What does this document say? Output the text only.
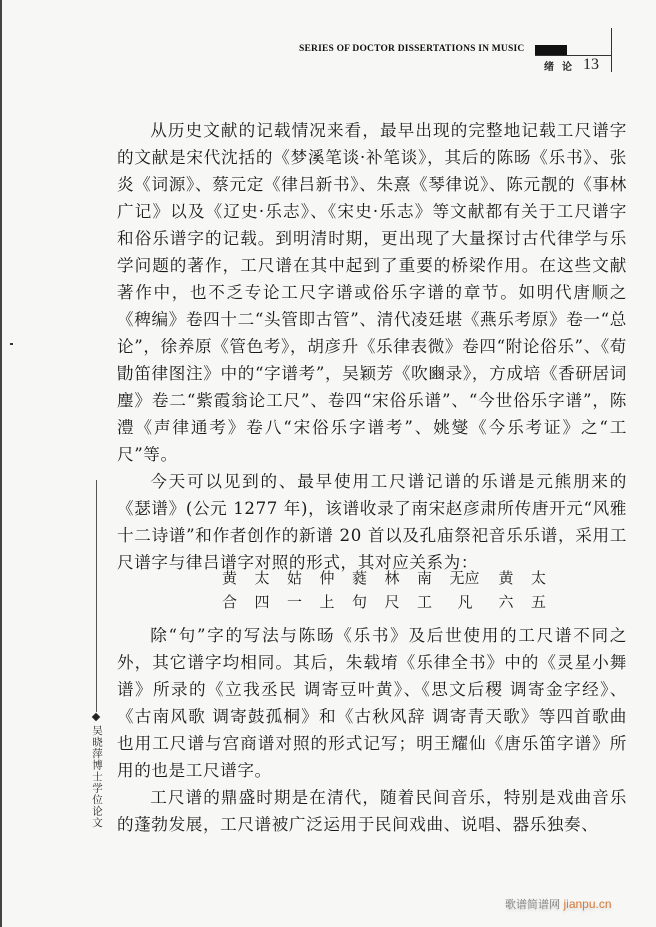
SERIES OF DOCTOR DISSERTATIONS IN MUSIC
绪论 13

从历史文献的记载情况来看，最早出现的完整地记载工尺谱字的文献是宋代沈括的《梦溪笔谈·补笔谈》，其后的陈旸《乐书》、张炎《词源》、蔡元定《律吕新书》、朱熹《琴律说》、陈元靓的《事林广记》以及《辽史·乐志》、《宋史·乐志》等文献都有关于工尺谱字和俗乐谱字的记载。到明清时期，更出现了大量探讨古代律学与乐学问题的著作，工尺谱在其中起到了重要的桥梁作用。在这些文献著作中，也不乏专论工尺字谱或俗乐字谱的章节。如明代唐顺之《稗编》卷四十二“头管即古管”、清代凌廷堪《燕乐考原》卷一“总论”，徐养原《管色考》，胡彦升《乐律表微》卷四“附论俗乐”、《荀勖笛律图注》中的“字谱考”，吴颖芳《吹豳录》，方成培《香研居词麈》卷二“紫霞翁论工尺”、卷四“宋俗乐谱”、“今世俗乐字谱”，陈澧《声律通考》卷八“宋俗乐字谱考”、姚燮《今乐考证》之“工尺”等。

今天可以见到的、最早使用工尺谱记谱的乐谱是元熊朋来的《瑟谱》(公元 1277 年)，该谱收录了南宋赵彦肃所传唐开元“风雅十二诗谱”和作者创作的新谱 20 首以及孔庙祭祀音乐乐谱，采用工尺谱字与律吕谱字对照的形式，其对应关系为：

黄	太	姑	仲	蕤	林	南	无应	黄	太
合	四	一	上	句	尺	工	凡	六	五

除“句”字的写法与陈旸《乐书》及后世使用的工尺谱不同之外，其它谱字均相同。其后，朱载堉《乐律全书》中的《灵星小舞谱》所录的《立我丞民 调寄豆叶黄》、《思文后稷 调寄金字经》、《古南风歌 调寄鼓孤桐》和《古秋风辞 调寄青天歌》等四首歌曲也用工尺谱与宫商谱对照的形式记写；明王耀仙《唐乐笛字谱》所用的也是工尺谱字。

工尺谱的鼎盛时期是在清代，随着民间音乐，特别是戏曲音乐的蓬勃发展，工尺谱被广泛运用于民间戏曲、说唱、器乐独奏、

吴晓萍博士学位论文
歌谱简谱网 jianpu.cn
